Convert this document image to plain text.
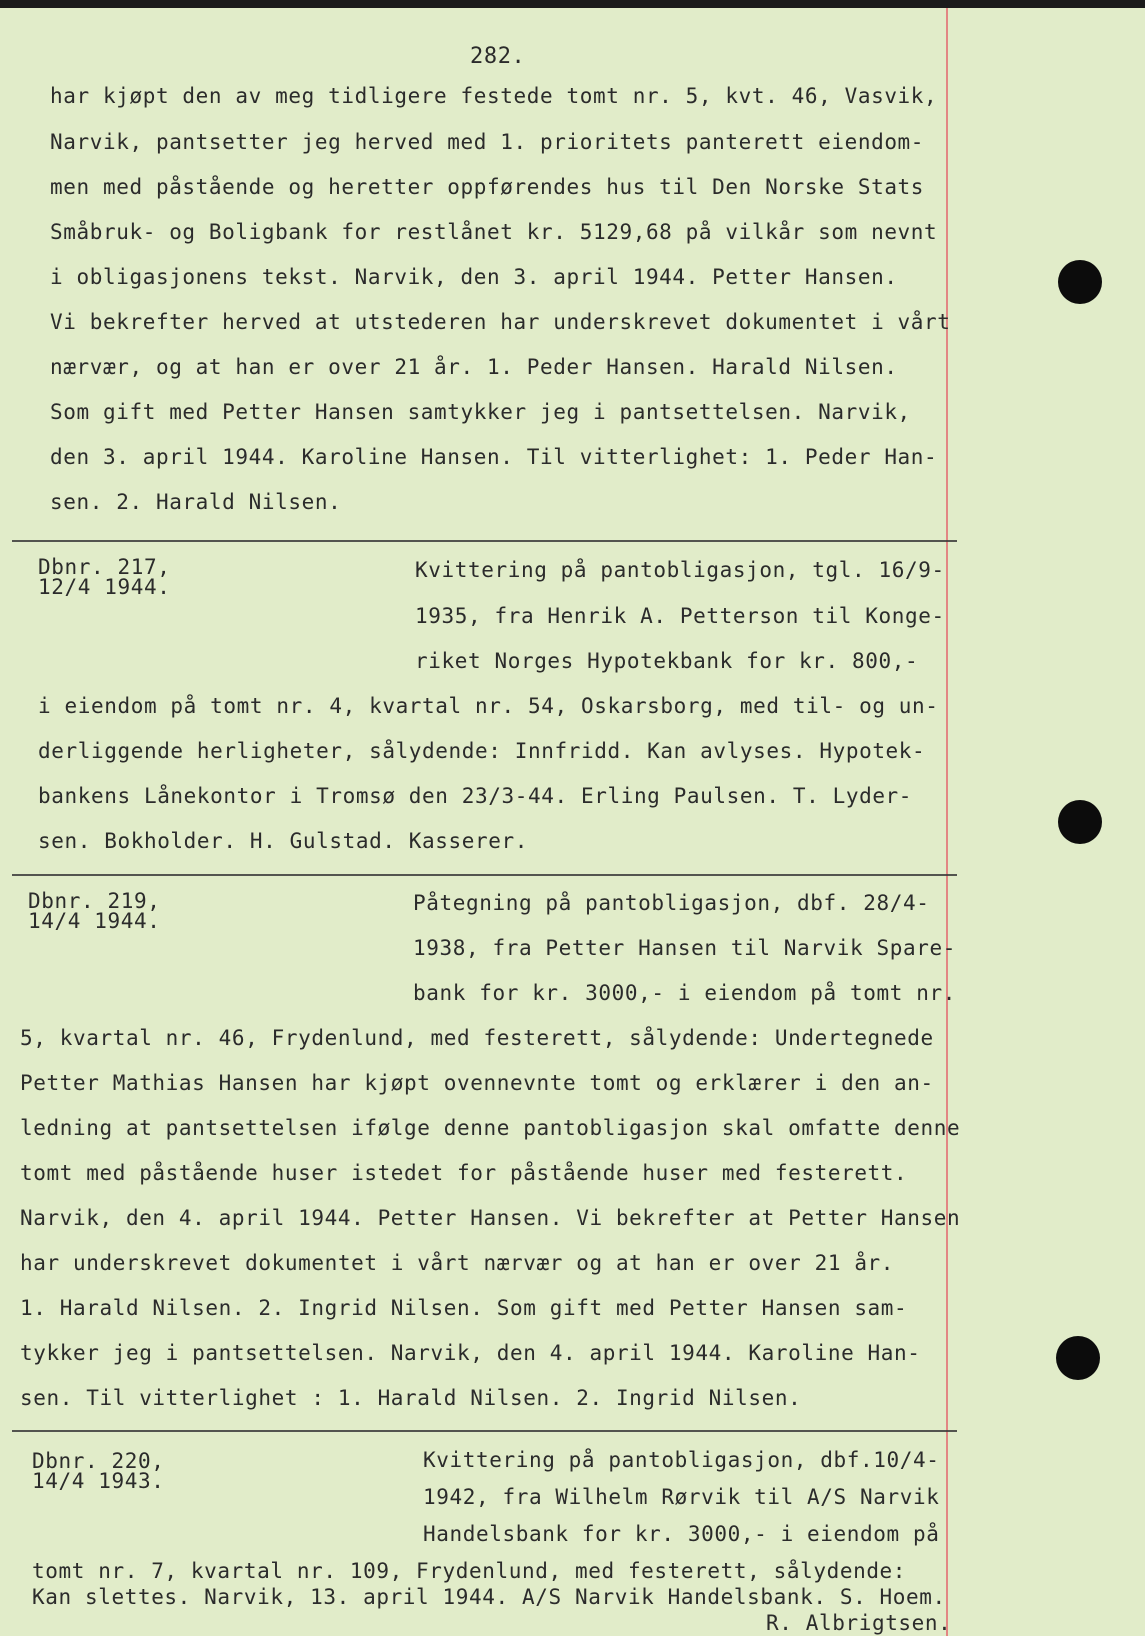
282.
har kjøpt den av meg tidligere festede tomt nr. 5, kvt. 46, Vasvik,
Narvik, pantsetter jeg herved med 1. prioritets panterett eiendom-
men med påstående og heretter oppførendes hus til Den Norske Stats
Småbruk- og Boligbank for restlånet kr. 5129,68 på vilkår som nevnt
i obligasjonens tekst. Narvik, den 3. april 1944. Petter Hansen.
Vi bekrefter herved at utstederen har underskrevet dokumentet i vårt
nærvær, og at han er over 21 år. 1. Peder Hansen. Harald Nilsen.
Som gift med Petter Hansen samtykker jeg i pantsettelsen. Narvik,
den 3. april 1944. Karoline Hansen. Til vitterlighet: 1. Peder Han-
sen. 2. Harald Nilsen.
Dbnr. 217,
12/4 1944.
Kvittering på pantobligasjon, tgl. 16/9-
1935, fra Henrik A. Petterson til Konge-
riket Norges Hypotekbank for kr. 800,-
i eiendom på tomt nr. 4, kvartal nr. 54, Oskarsborg, med til- og un-
derliggende herligheter, sålydende: Innfridd. Kan avlyses. Hypotek-
bankens Lånekontor i Tromsø den 23/3-44. Erling Paulsen. T. Lyder-
sen. Bokholder. H. Gulstad. Kasserer.
Dbnr. 219,
14/4 1944.
Påtegning på pantobligasjon, dbf. 28/4-
1938, fra Petter Hansen til Narvik Spare-
bank for kr. 3000,- i eiendom på tomt nr.
5, kvartal nr. 46, Frydenlund, med festerett, sålydende: Undertegnede
Petter Mathias Hansen har kjøpt ovennevnte tomt og erklærer i den an-
ledning at pantsettelsen ifølge denne pantobligasjon skal omfatte denne
tomt med påstående huser istedet for påstående huser med festerett.
Narvik, den 4. april 1944. Petter Hansen. Vi bekrefter at Petter Hansen
har underskrevet dokumentet i vårt nærvær og at han er over 21 år.
1. Harald Nilsen. 2. Ingrid Nilsen. Som gift med Petter Hansen sam-
tykker jeg i pantsettelsen. Narvik, den 4. april 1944. Karoline Han-
sen. Til vitterlighet : 1. Harald Nilsen. 2. Ingrid Nilsen.
Dbnr. 220,
14/4 1943.
Kvittering på pantobligasjon, dbf.10/4-
1942, fra Wilhelm Rørvik til A/S Narvik
Handelsbank for kr. 3000,- i eiendom på
tomt nr. 7, kvartal nr. 109, Frydenlund, med festerett, sålydende:
Kan slettes. Narvik, 13. april 1944. A/S Narvik Handelsbank. S. Hoem.
R. Albrigtsen.
